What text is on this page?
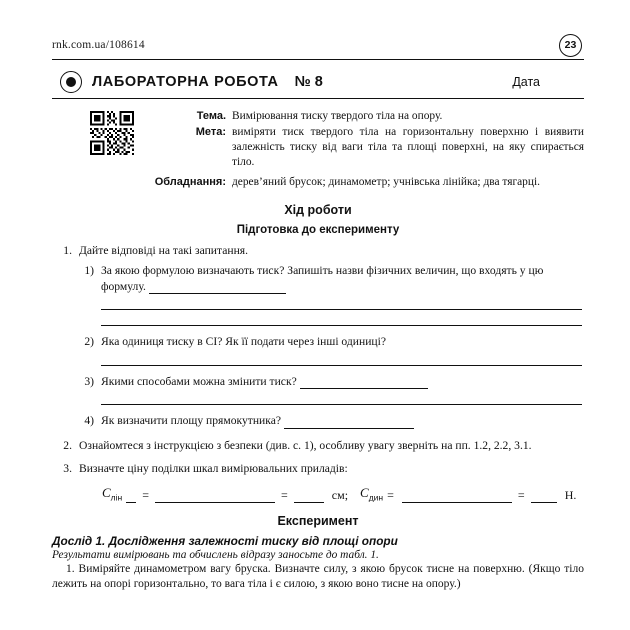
rnk.com.ua/108614	23
ЛАБОРАТОРНА РОБОТА № 8	Дата
Тема. Вимірювання тиску твердого тіла на опору.
Мета: виміряти тиск твердого тіла на горизонтальну поверхню і виявити залежність тиску від ваги тіла та площі поверхні, на яку спирається тіло.
Обладнання: дерев’яний брусок; динамометр; учнівська лінійка; два тягарці.
Хід роботи
Підготовка до експерименту
1. Дайте відповіді на такі запитання.
1) За якою формулою визначають тиск? Запишіть назви фізичних величин, що входять у цю формулу.
2) Яка одиниця тиску в СІ? Як її подати через інші одиниці?
3) Якими способами можна змінити тиск?
4) Як визначити площу прямокутника?
2. Ознайомтеся з інструкцією з безпеки (див. с. 1), особливу увагу зверніть на пп. 1.2, 2.2, 3.1.
3. Визначте ціну поділки шкал вимірювальних приладів:
$C_{лін}$ =	=	см; $C_{дин}$ =	=	Н.
Експеримент
Дослід 1. Дослідження залежності тиску від площі опори
Результати вимірювань та обчислень відразу заносьте до табл. 1.
1. Виміряйте динамометром вагу бруска. Визначте силу, з якою брусок тисне на поверхню. (Якщо тіло лежить на опорі горизонтально, то вага тіла і є силою, з якою воно тисне на опору.)
